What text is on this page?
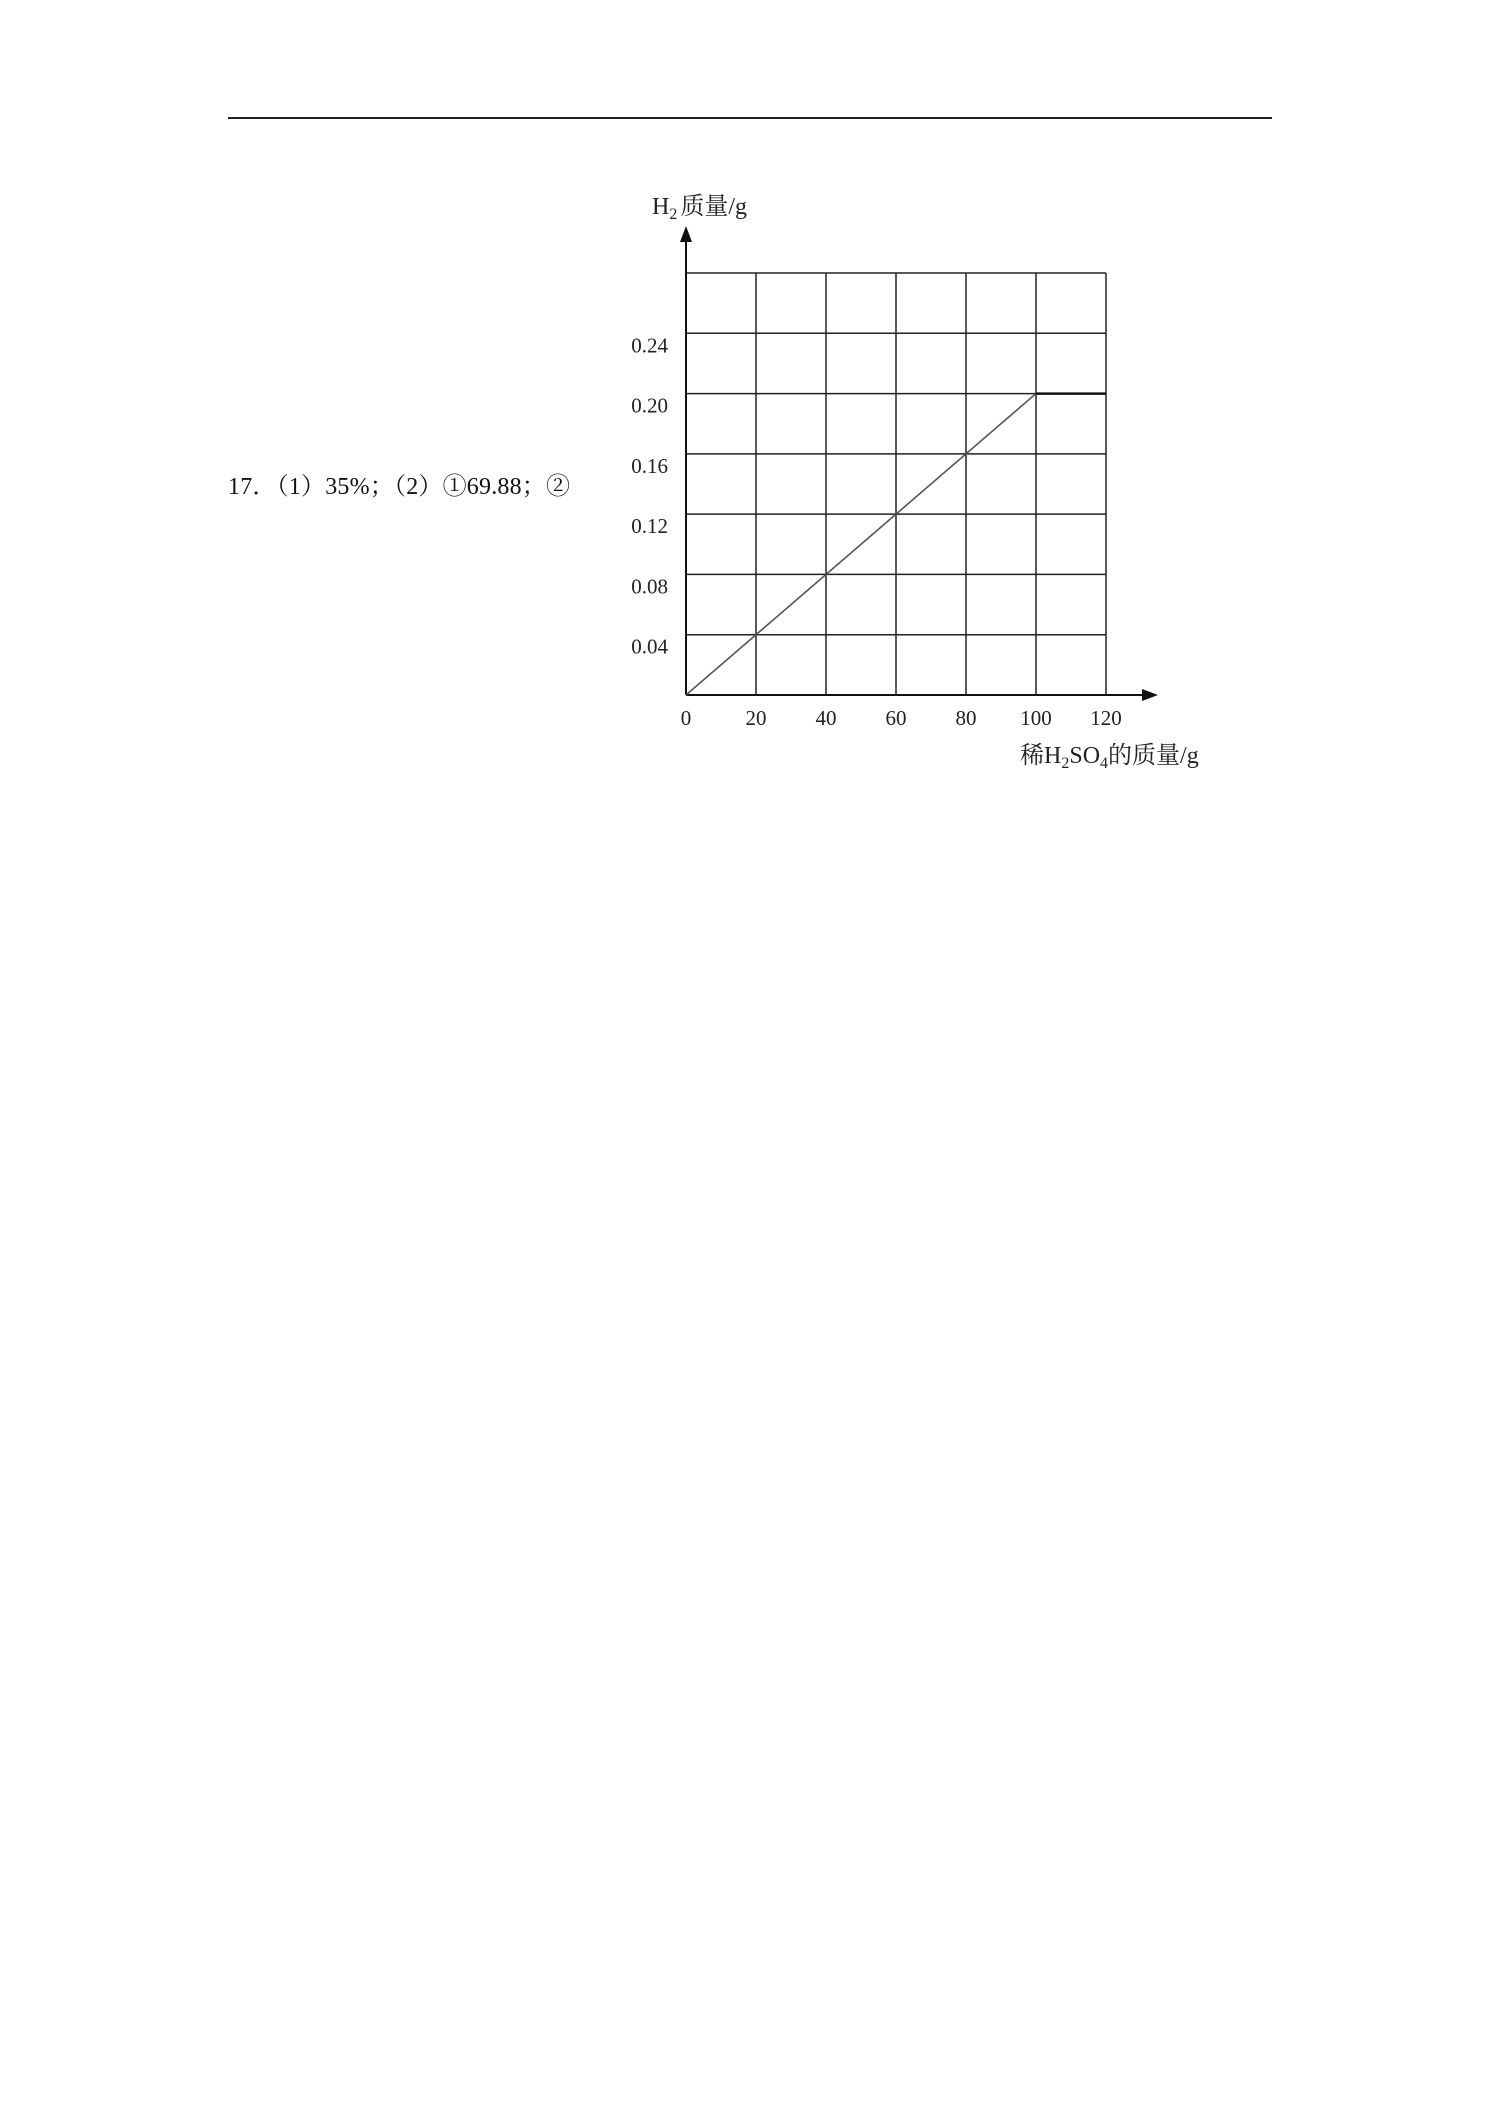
17．（1）35%；（2）①69.88；②
0	20 40 60 80 100 120
0.04
0.08
0.12
0.16
0.20
0.24
$H_2$ 质量/g
稀$H_2SO_4$的质量/g
